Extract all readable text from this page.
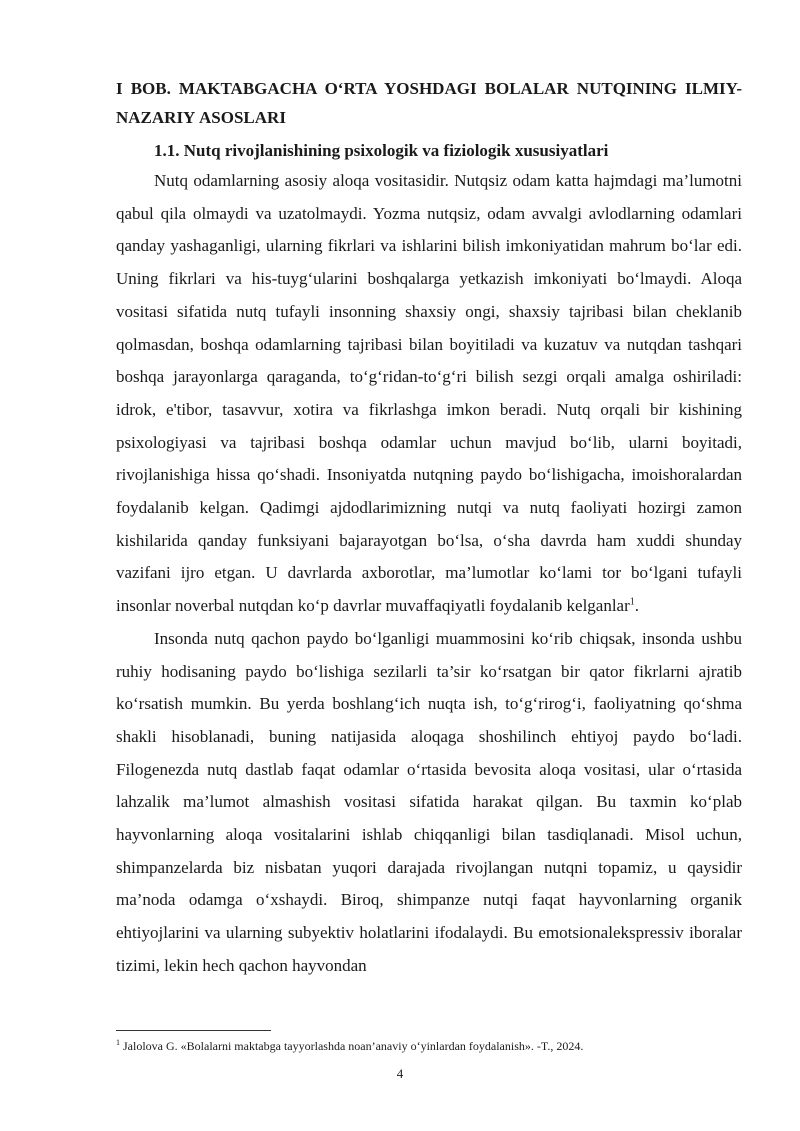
I BOB. MAKTABGACHA O‘RTA YOSHDAGI BOLALAR NUTQINING ILMIY-NAZARIY ASOSLARI
1.1. Nutq rivojlanishining psixologik va fiziologik xususiyatlari

Nutq odamlarning asosiy aloqa vositasidir. Nutqsiz odam katta hajmdagi ma’lumotni qabul qila olmaydi va uzatolmaydi. Yozma nutqsiz, odam avvalgi avlodlarning odamlari qanday yashaganligi, ularning fikrlari va ishlarini bilish imkoniyatidan mahrum bo‘lar edi. Uning fikrlari va his-tuyg‘ularini boshqalarga yetkazish imkoniyati bo‘lmaydi. Aloqa vositasi sifatida nutq tufayli insonning shaxsiy ongi, shaxsiy tajribasi bilan cheklanib qolmasdan, boshqa odamlarning tajribasi bilan boyitiladi va kuzatuv va nutqdan tashqari boshqa jarayonlarga qaraganda, to‘g‘ridan-to‘g‘ri bilish sezgi orqali amalga oshiriladi: idrok, e'tibor, tasavvur, xotira va fikrlashga imkon beradi. Nutq orqali bir kishining psixologiyasi va tajribasi boshqa odamlar uchun mavjud bo‘lib, ularni boyitadi, rivojlanishiga hissa qo‘shadi. Insoniyatda nutqning paydo bo‘lishigacha, imoishoralardan foydalanib kelgan. Qadimgi ajdodlarimizning nutqi va nutq faoliyati hozirgi zamon kishilarida qanday funksiyani bajarayotgan bo‘lsa, o‘sha davrda ham xuddi shunday vazifani ijro etgan. U davrlarda axborotlar, ma’lumotlar ko‘lami tor bo‘lgani tufayli insonlar noverbal nutqdan ko‘p davrlar muvaffaqiyatli foydalanib kelganlar$^1$.

Insonda nutq qachon paydo bo‘lganligi muammosini ko‘rib chiqsak, insonda ushbu ruhiy hodisaning paydo bo‘lishiga sezilarli ta’sir ko‘rsatgan bir qator fikrlarni ajratib ko‘rsatish mumkin. Bu yerda boshlang‘ich nuqta ish, to‘g‘rirog‘i, faoliyatning qo‘shma shakli hisoblanadi, buning natijasida aloqaga shoshilinch ehtiyoj paydo bo‘ladi. Filogenezda nutq dastlab faqat odamlar o‘rtasida bevosita aloqa vositasi, ular o‘rtasida lahzalik ma’lumot almashish vositasi sifatida harakat qilgan. Bu taxmin ko‘plab hayvonlarning aloqa vositalarini ishlab chiqqanligi bilan tasdiqlanadi. Misol uchun, shimpanzelarda biz nisbatan yuqori darajada rivojlangan nutqni topamiz, u qaysidir ma’noda odamga o‘xshaydi. Biroq, shimpanze nutqi faqat hayvonlarning organik ehtiyojlarini va ularning subyektiv holatlarini ifodalaydi. Bu emotsionalekspressiv iboralar tizimi, lekin hech qachon hayvondan

$^1$ Jalolova G. «Bolalarni maktabga tayyorlashda noan’anaviy o‘yinlardan foydalanish». -T., 2024.

4
